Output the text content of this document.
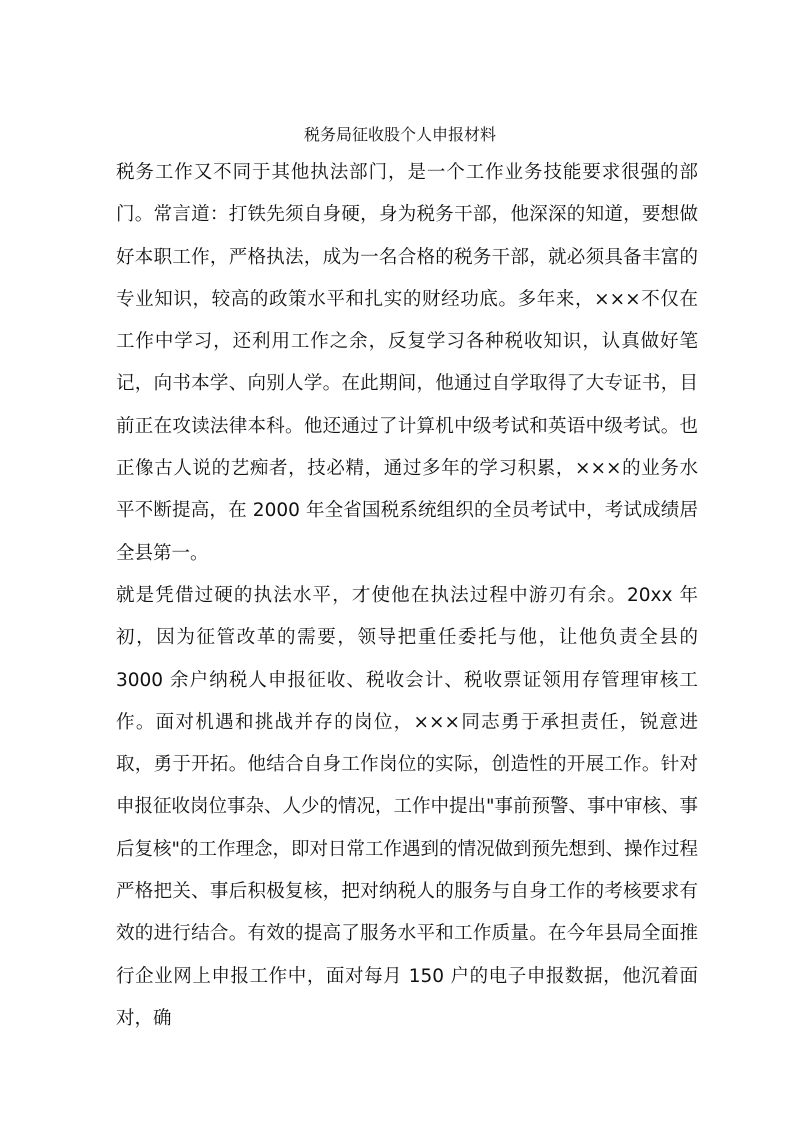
税务局征收股个人申报材料

税务工作又不同于其他执法部门，是一个工作业务技能要求很强的部门。常言道：打铁先须自身硬，身为税务干部，他深深的知道，要想做好本职工作，严格执法，成为一名合格的税务干部，就必须具备丰富的专业知识，较高的政策水平和扎实的财经功底。多年来，×××不仅在工作中学习，还利用工作之余，反复学习各种税收知识，认真做好笔记，向书本学、向别人学。在此期间，他通过自学取得了大专证书，目前正在攻读法律本科。他还通过了计算机中级考试和英语中级考试。也正像古人说的艺痴者，技必精，通过多年的学习积累，×××的业务水平不断提高，在 2000 年全省国税系统组织的全员考试中，考试成绩居全县第一。

就是凭借过硬的执法水平，才使他在执法过程中游刃有余。20xx 年初，因为征管改革的需要，领导把重任委托与他，让他负责全县的 3000 余户纳税人申报征收、税收会计、税收票证领用存管理审核工作。面对机遇和挑战并存的岗位，×××同志勇于承担责任，锐意进取，勇于开拓。他结合自身工作岗位的实际，创造性的开展工作。针对申报征收岗位事杂、人少的情况，工作中提出"事前预警、事中审核、事后复核"的工作理念，即对日常工作遇到的情况做到预先想到、操作过程严格把关、事后积极复核，把对纳税人的服务与自身工作的考核要求有效的进行结合。有效的提高了服务水平和工作质量。在今年县局全面推行企业网上申报工作中，面对每月 150 户的电子申报数据，他沉着面对，确
